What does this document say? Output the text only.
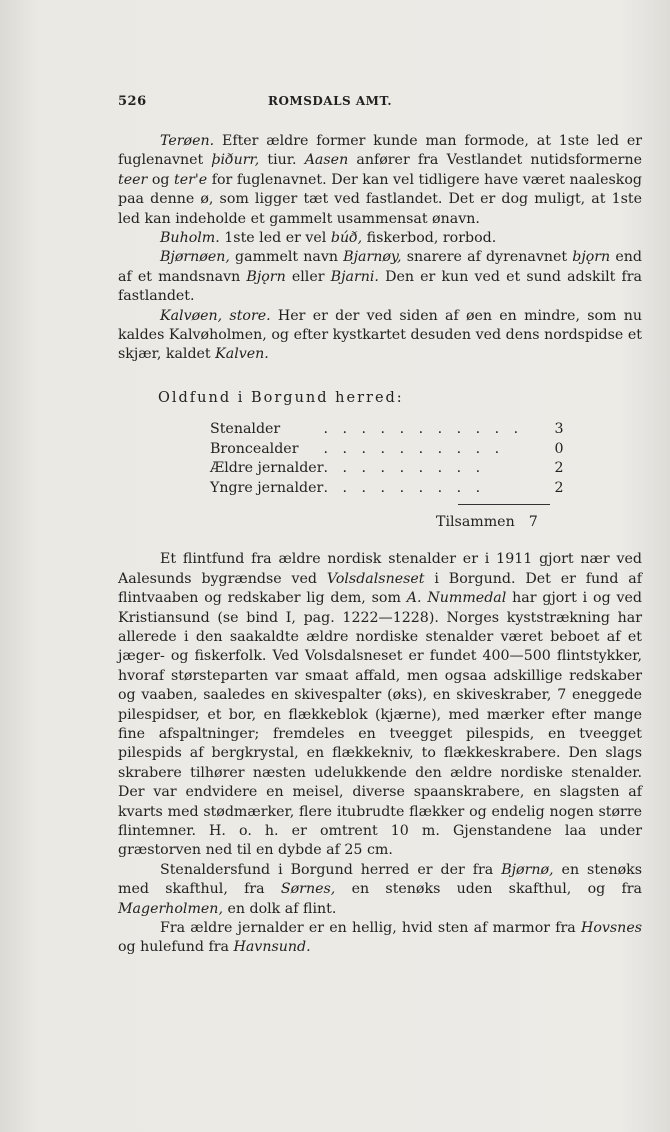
526	ROMSDALS AMT.

Terøen. Efter ældre former kunde man formode, at 1ste led er fuglenavnet þiðurr, tiur. Aasen anfører fra Vestlandet nutidsformerne teer og ter'e for fuglenavnet. Der kan vel tidligere have været naaleskog paa denne ø, som ligger tæt ved fastlandet. Det er dog muligt, at 1ste led kan indeholde et gammelt usammensat ønavn.

Buholm. 1ste led er vel búð, fiskerbod, rorbod.

Bjørnøen, gammelt navn Bjarnøy, snarere af dyrenavnet bjǫrn end af et mandsnavn Bjǫrn eller Bjarni. Den er kun ved et sund adskilt fra fastlandet.

Kalvøen, store. Her er der ved siden af øen en mindre, som nu kaldes Kalvøholmen, og efter kystkartet desuden ved dens nordspidse et skjær, kaldet Kalven.

Oldfund i Borgund herred:
Stenalder	. . . . . . . . . . .	3
Broncealder	. . . . . . . . . .	0
Ældre jernalder	. . . . . . . . .	2
Yngre jernalder	. . . . . . . . .	2
Tilsammen 7

Et flintfund fra ældre nordisk stenalder er i 1911 gjort nær ved Aalesunds bygrændse ved Volsdalsneset i Borgund. Det er fund af flintvaaben og redskaber lig dem, som A. Nummedal har gjort i og ved Kristiansund (se bind I, pag. 1222—1228). Norges kyststrækning har allerede i den saakaldte ældre nordiske stenalder været beboet af et jæger- og fiskerfolk. Ved Volsdalsneset er fundet 400—500 flintstykker, hvoraf størsteparten var smaat affald, men ogsaa adskillige redskaber og vaaben, saaledes en skivespalter (øks), en skiveskraber, 7 eneggede pilespidser, et bor, en flækkeblok (kjærne), med mærker efter mange fine afspaltninger; fremdeles en tveegget pilespids, en tveegget pilespids af bergkrystal, en flækkekniv, to flækkeskrabere. Den slags skrabere tilhører næsten udelukkende den ældre nordiske stenalder. Der var endvidere en meisel, diverse spaanskrabere, en slagsten af kvarts med stødmærker, flere itubrudte flækker og endelig nogen større flintemner. H. o. h. er omtrent 10 m. Gjenstandene laa under græstorven ned til en dybde af 25 cm.

Stenaldersfund i Borgund herred er der fra Bjørnø, en stenøks med skafthul, fra Sørnes, en stenøks uden skafthul, og fra Magerholmen, en dolk af flint.

Fra ældre jernalder er en hellig, hvid sten af marmor fra Hovsnes og hulefund fra Havnsund.
